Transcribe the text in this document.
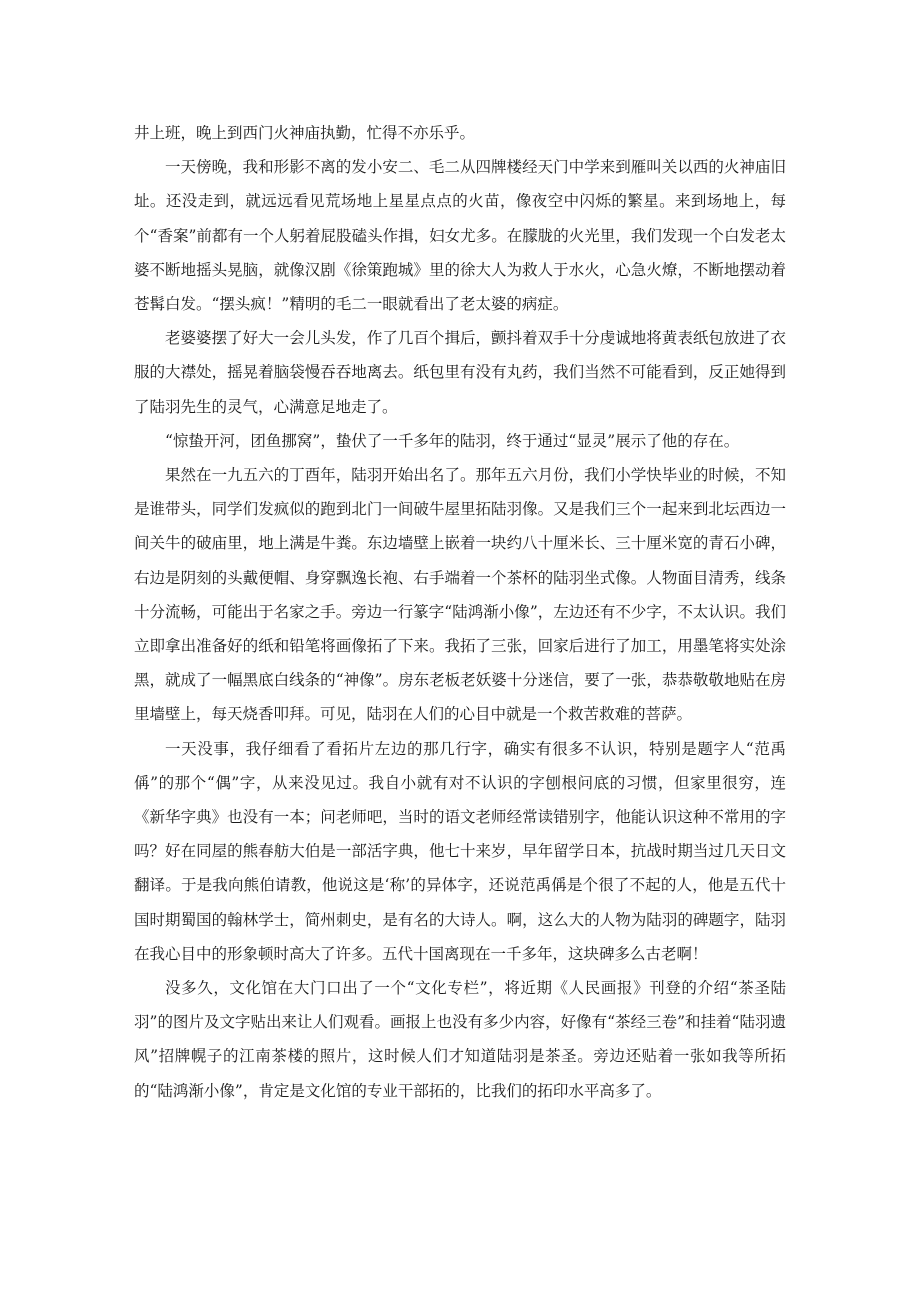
井上班，晚上到西门火神庙执勤，忙得不亦乐乎。

一天傍晚，我和形影不离的发小安二、毛二从四牌楼经天门中学来到雁叫关以西的火神庙旧址。还没走到，就远远看见荒场地上星星点点的火苗，像夜空中闪烁的繁星。来到场地上，每个“香案”前都有一个人躬着屁股磕头作揖，妇女尤多。在朦胧的火光里，我们发现一个白发老太婆不断地摇头晃脑，就像汉剧《徐策跑城》里的徐大人为救人于水火，心急火燎，不断地摆动着苍髯白发。“摆头疯！”精明的毛二一眼就看出了老太婆的病症。

老婆婆摆了好大一会儿头发，作了几百个揖后，颤抖着双手十分虔诚地将黄表纸包放进了衣服的大襟处，摇晃着脑袋慢吞吞地离去。纸包里有没有丸药，我们当然不可能看到，反正她得到了陆羽先生的灵气，心满意足地走了。

“惊蛰开河，团鱼挪窝”，蛰伏了一千多年的陆羽，终于通过“显灵”展示了他的存在。

果然在一九五六的丁酉年，陆羽开始出名了。那年五六月份，我们小学快毕业的时候，不知是谁带头，同学们发疯似的跑到北门一间破牛屋里拓陆羽像。又是我们三个一起来到北坛西边一间关牛的破庙里，地上满是牛粪。东边墙壁上嵌着一块约八十厘米长、三十厘米宽的青石小碑，右边是阴刻的头戴便帽、身穿飘逸长袍、右手端着一个茶杯的陆羽坐式像。人物面目清秀，线条十分流畅，可能出于名家之手。旁边一行篆字“陆鸿渐小像”，左边还有不少字，不太认识。我们立即拿出准备好的纸和铅笔将画像拓了下来。我拓了三张，回家后进行了加工，用墨笔将实处涂黑，就成了一幅黑底白线条的“神像”。房东老板老妖婆十分迷信，要了一张，恭恭敬敬地贴在房里墙壁上，每天烧香叩拜。可见，陆羽在人们的心目中就是一个救苦救难的菩萨。

一天没事，我仔细看了看拓片左边的那几行字，确实有很多不认识，特别是题字人“范禹偁”的那个“偶”字，从来没见过。我自小就有对不认识的字刨根问底的习惯，但家里很穷，连《新华字典》也没有一本；问老师吧，当时的语文老师经常读错别字，他能认识这种不常用的字吗？好在同屋的熊春舫大伯是一部活字典，他七十来岁，早年留学日本，抗战时期当过几天日文翻译。于是我向熊伯请教，他说这是‘称’的异体字，还说范禹偁是个很了不起的人，他是五代十国时期蜀国的翰林学士，简州刺史，是有名的大诗人。啊，这么大的人物为陆羽的碑题字，陆羽在我心目中的形象顿时高大了许多。五代十国离现在一千多年，这块碑多么古老啊！

没多久，文化馆在大门口出了一个“文化专栏”，将近期《人民画报》刊登的介绍“茶圣陆羽”的图片及文字贴出来让人们观看。画报上也没有多少内容，好像有“茶经三卷”和挂着“陆羽遗风”招牌幌子的江南茶楼的照片，这时候人们才知道陆羽是茶圣。旁边还贴着一张如我等所拓的“陆鸿渐小像”，肯定是文化馆的专业干部拓的，比我们的拓印水平高多了。
